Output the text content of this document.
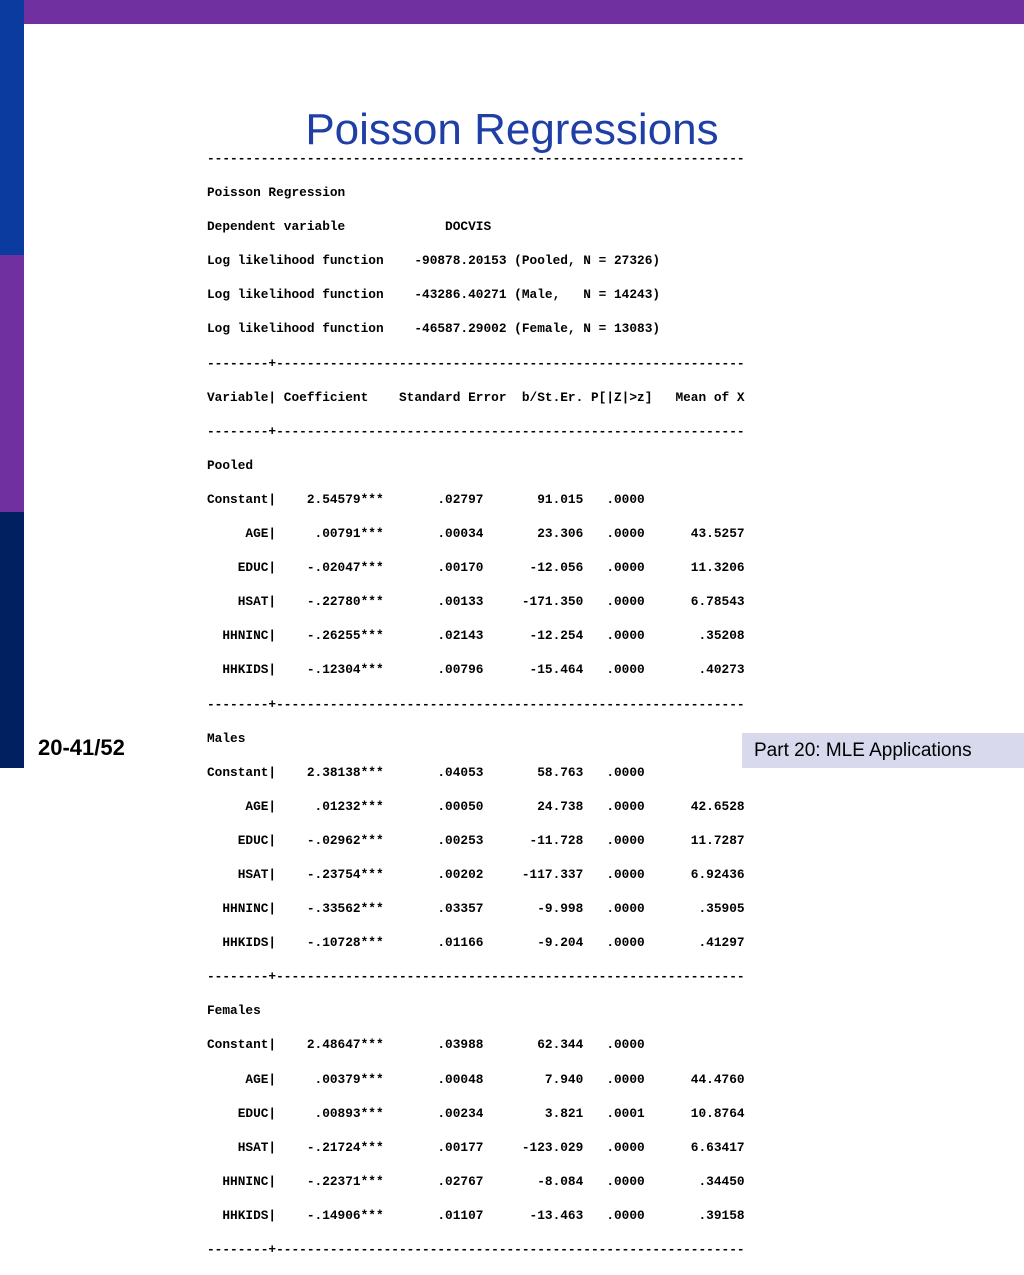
Poisson Regressions
----------------------------------------------------------------------

Poisson Regression

Dependent variable             DOCVIS

Log likelihood function    -90878.20153 (Pooled, N = 27326)

Log likelihood function    -43286.40271 (Male,   N = 14243)

Log likelihood function    -46587.29002 (Female, N = 13083)

--------+-------------------------------------------------------------

Variable| Coefficient    Standard Error  b/St.Er. P[|Z|>z]   Mean of X

--------+-------------------------------------------------------------

Pooled

Constant|    2.54579***       .02797       91.015   .0000

AGE|     .00791***       .00034       23.306   .0000      43.5257

EDUC|    -.02047***       .00170      -12.056   .0000      11.3206

HSAT|    -.22780***       .00133     -171.350   .0000      6.78543

HHNINC|    -.26255***       .02143      -12.254   .0000       .35208

HHKIDS|    -.12304***       .00796      -15.464   .0000       .40273

--------+-------------------------------------------------------------

Males

Constant|    2.38138***       .04053       58.763   .0000

AGE|     .01232***       .00050       24.738   .0000      42.6528

EDUC|    -.02962***       .00253      -11.728   .0000      11.7287

HSAT|    -.23754***       .00202     -117.337   .0000      6.92436

HHNINC|    -.33562***       .03357       -9.998   .0000       .35905

HHKIDS|    -.10728***       .01166       -9.204   .0000       .41297

--------+-------------------------------------------------------------

Females

Constant|    2.48647***       .03988       62.344   .0000

AGE|     .00379***       .00048        7.940   .0000      44.4760

EDUC|     .00893***       .00234        3.821   .0001      10.8764

HSAT|    -.21724***       .00177     -123.029   .0000      6.63417

HHNINC|    -.22371***       .02767       -8.084   .0000       .34450

HHKIDS|    -.14906***       .01107      -13.463   .0000       .39158

--------+-------------------------------------------------------------

20-41/52	Part 20: MLE Applications
